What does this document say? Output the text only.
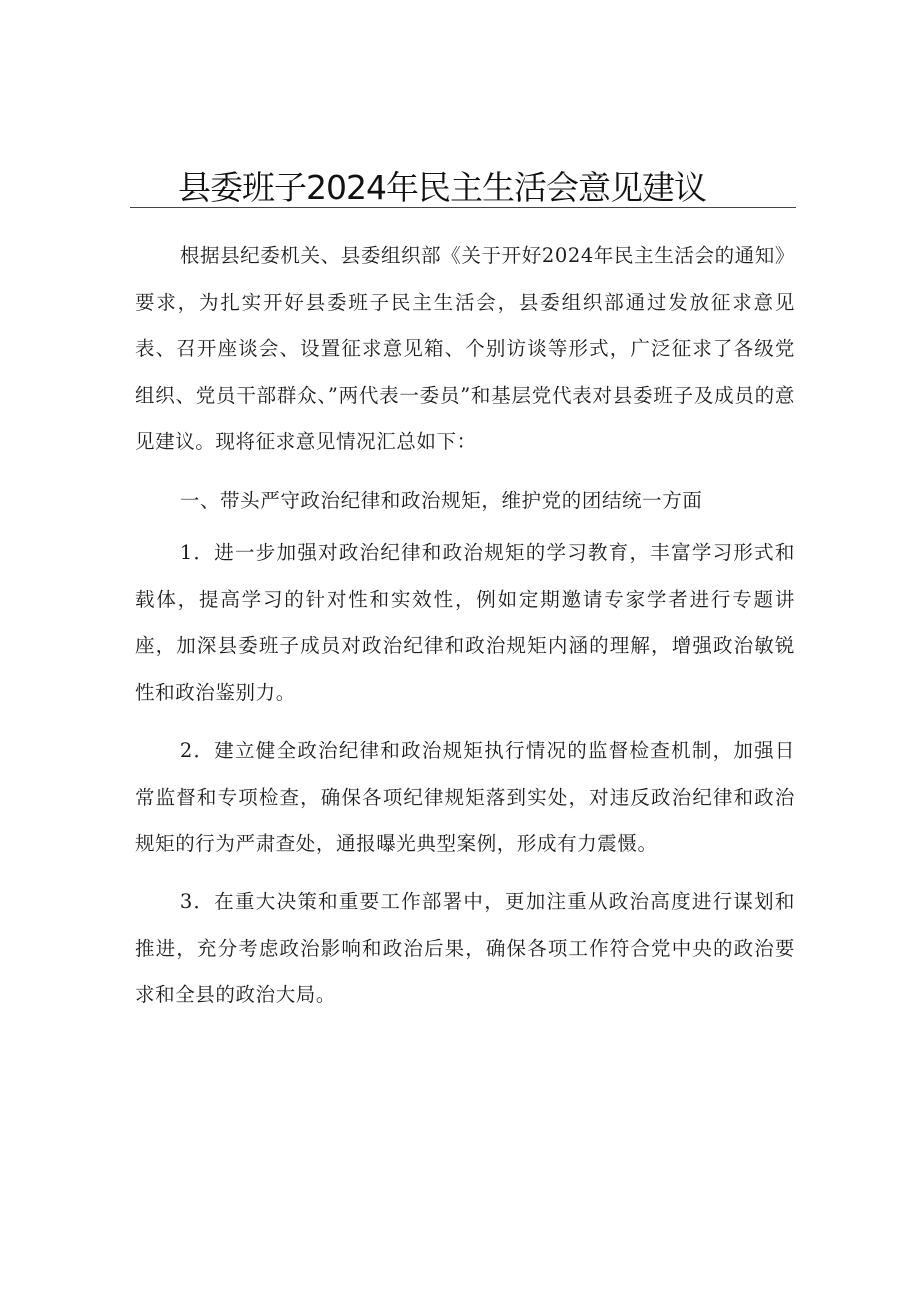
县委班子2024年民主生活会意见建议

根据县纪委机关、县委组织部《关于开好2024年民主生活会的通知》要求，为扎实开好县委班子民主生活会，县委组织部通过发放征求意见表、召开座谈会、设置征求意见箱、个别访谈等形式，广泛征求了各级党组织、党员干部群众、”两代表一委员”和基层党代表对县委班子及成员的意见建议。现将征求意见情况汇总如下：

一、带头严守政治纪律和政治规矩，维护党的团结统一方面

1．进一步加强对政治纪律和政治规矩的学习教育，丰富学习形式和载体，提高学习的针对性和实效性，例如定期邀请专家学者进行专题讲座，加深县委班子成员对政治纪律和政治规矩内涵的理解，增强政治敏锐性和政治鉴别力。

2．建立健全政治纪律和政治规矩执行情况的监督检查机制，加强日常监督和专项检查，确保各项纪律规矩落到实处，对违反政治纪律和政治规矩的行为严肃查处，通报曝光典型案例，形成有力震慑。

3．在重大决策和重要工作部署中，更加注重从政治高度进行谋划和推进，充分考虑政治影响和政治后果，确保各项工作符合党中央的政治要求和全县的政治大局。
